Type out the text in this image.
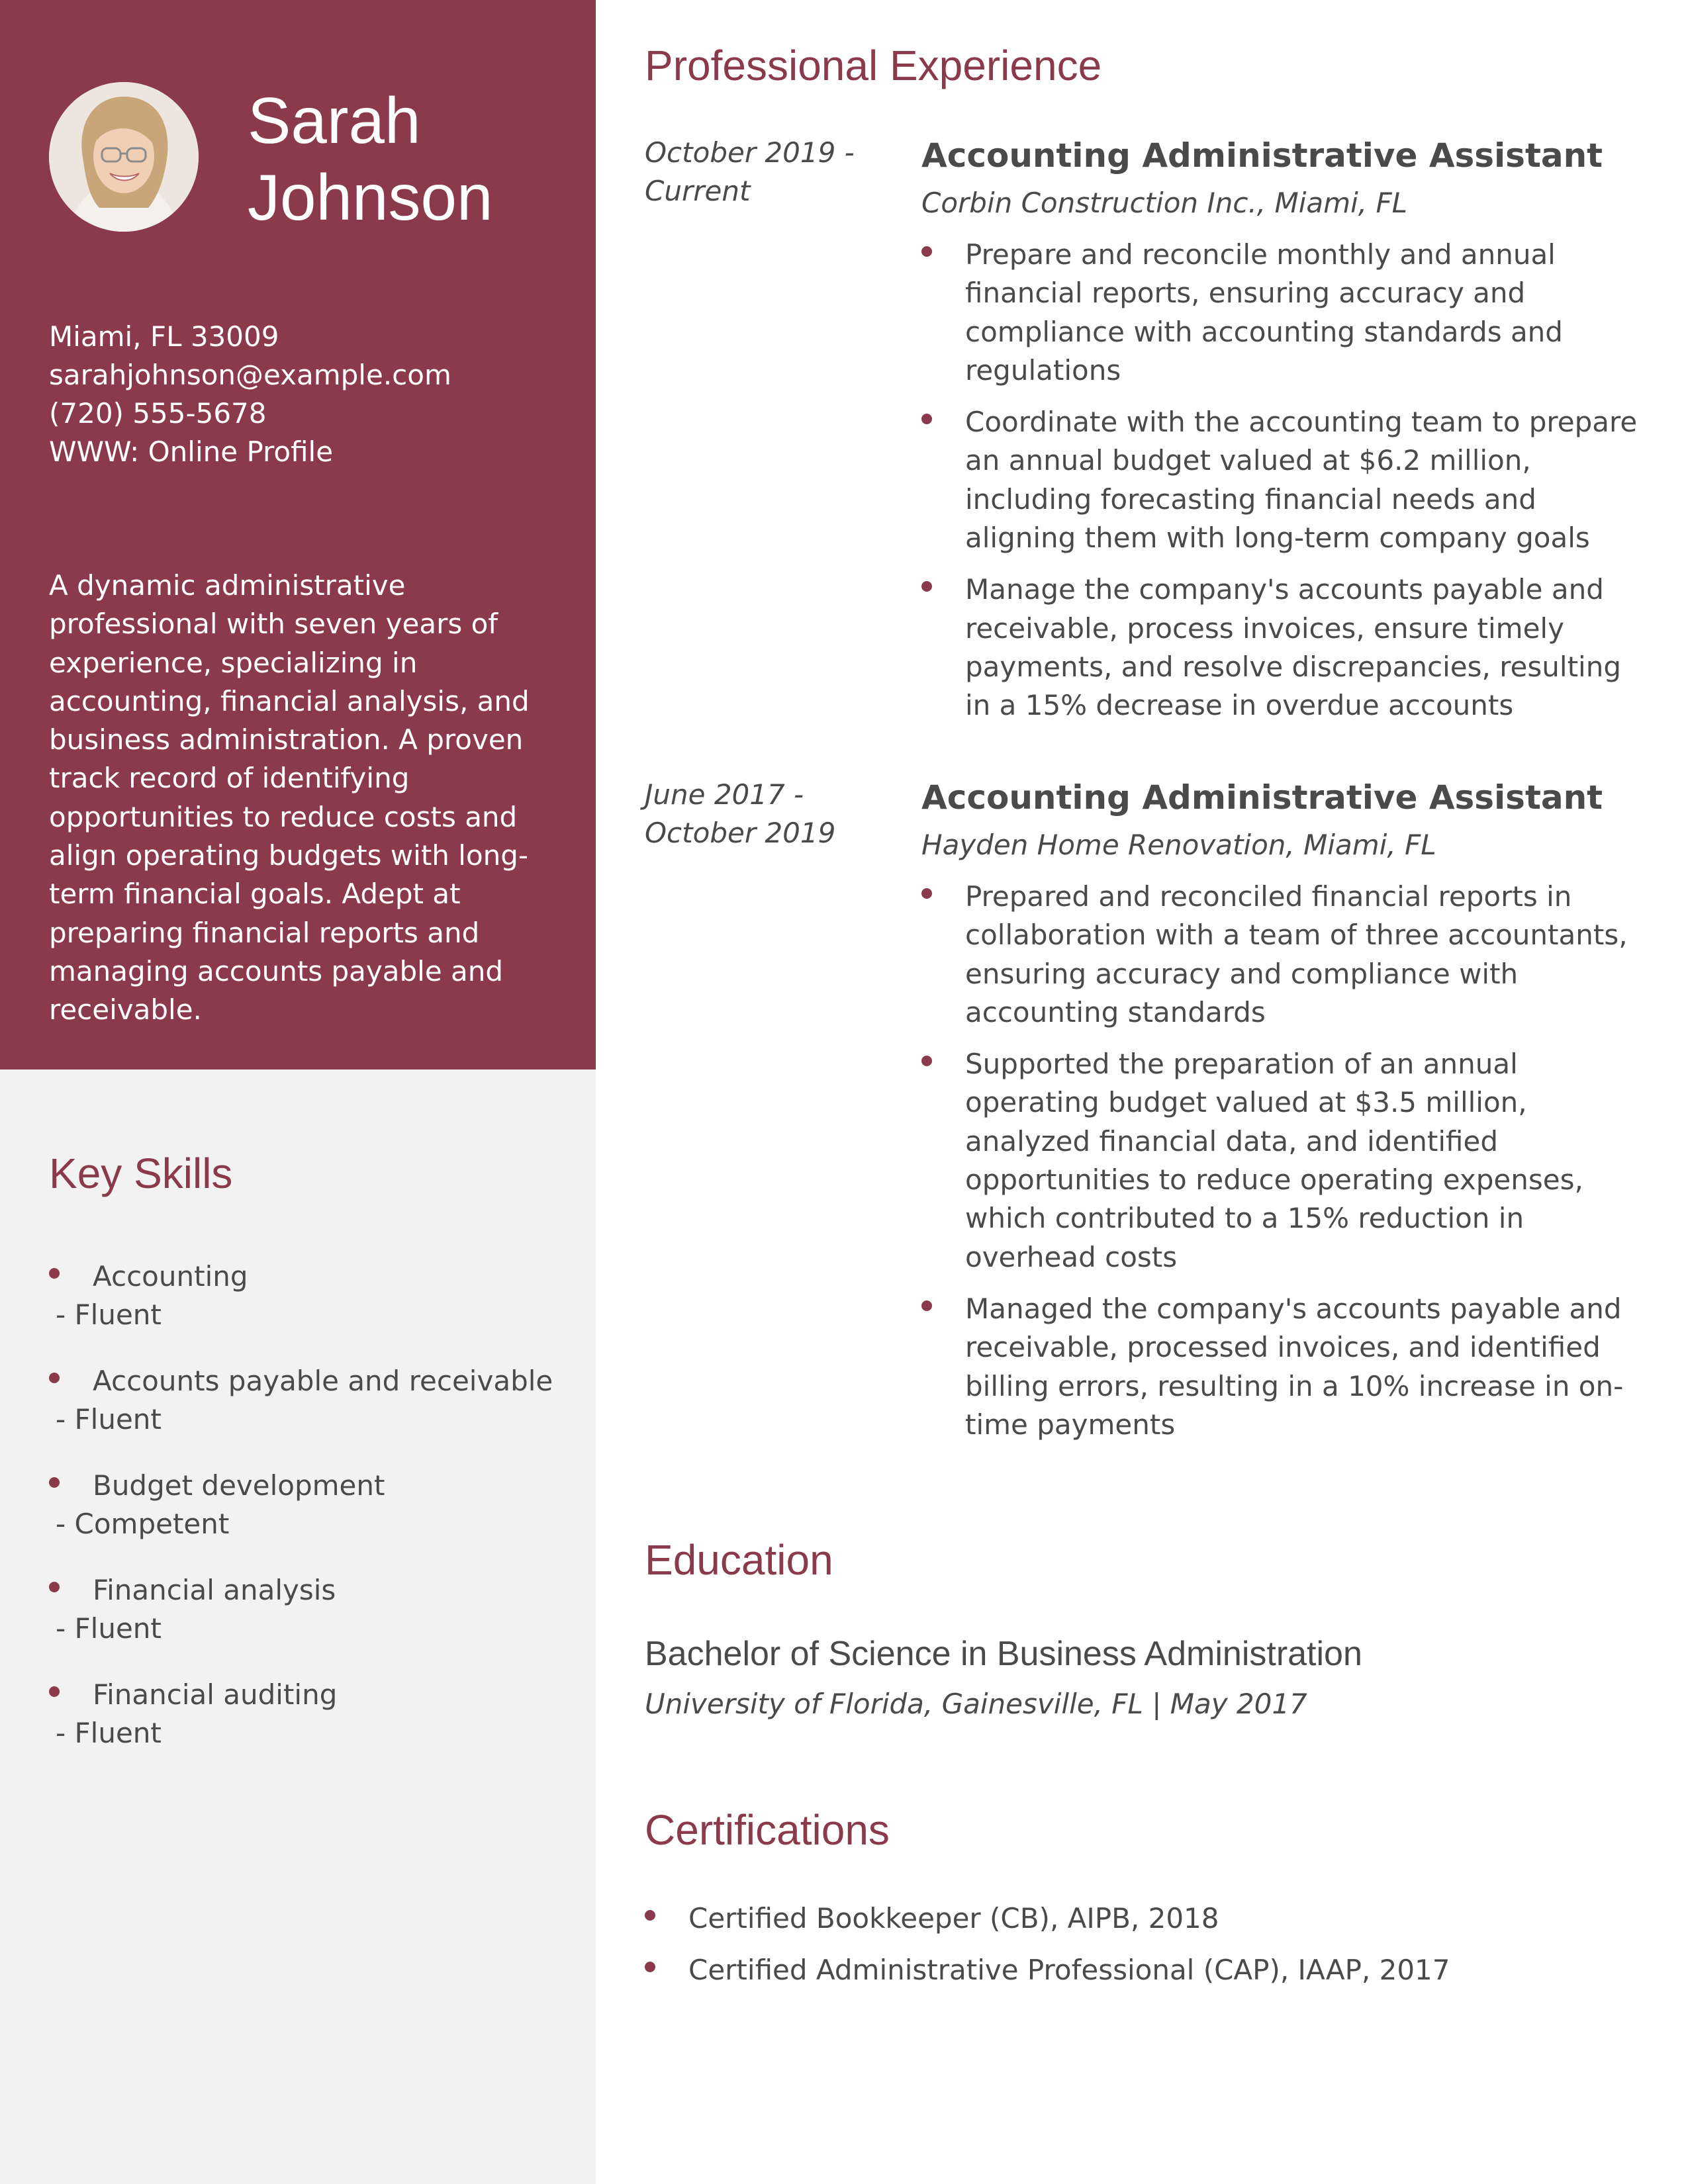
Sarah
Johnson
Miami, FL 33009
sarahjohnson@example.com
(720) 555-5678
WWW: Online Profile

A dynamic administrative professional with seven years of experience, specializing in accounting, financial analysis, and business administration. A proven track record of identifying opportunities to reduce costs and align operating budgets with long-term financial goals. Adept at preparing financial reports and managing accounts payable and receivable.

Key Skills
Accounting
- Fluent
Accounts payable and receivable
- Fluent
Budget development
- Competent
Financial analysis
- Fluent
Financial auditing
- Fluent
Professional Experience
October 2019 -
Current
Accounting Administrative Assistant
Corbin Construction Inc., Miami, FL
Prepare and reconcile monthly and annual financial reports, ensuring accuracy and compliance with accounting standards and regulations
Coordinate with the accounting team to prepare an annual budget valued at $6.2 million, including forecasting financial needs and aligning them with long-term company goals
Manage the company's accounts payable and receivable, process invoices, ensure timely payments, and resolve discrepancies, resulting in a 15% decrease in overdue accounts
June 2017 -
October 2019
Accounting Administrative Assistant
Hayden Home Renovation, Miami, FL
Prepared and reconciled financial reports in collaboration with a team of three accountants, ensuring accuracy and compliance with accounting standards
Supported the preparation of an annual operating budget valued at $3.5 million, analyzed financial data, and identified opportunities to reduce operating expenses, which contributed to a 15% reduction in overhead costs
Managed the company's accounts payable and receivable, processed invoices, and identified billing errors, resulting in a 10% increase in on-time payments
Education
Bachelor of Science in Business Administration
University of Florida, Gainesville, FL | May 2017
Certifications
Certified Bookkeeper (CB), AIPB, 2018
Certified Administrative Professional (CAP), IAAP, 2017
